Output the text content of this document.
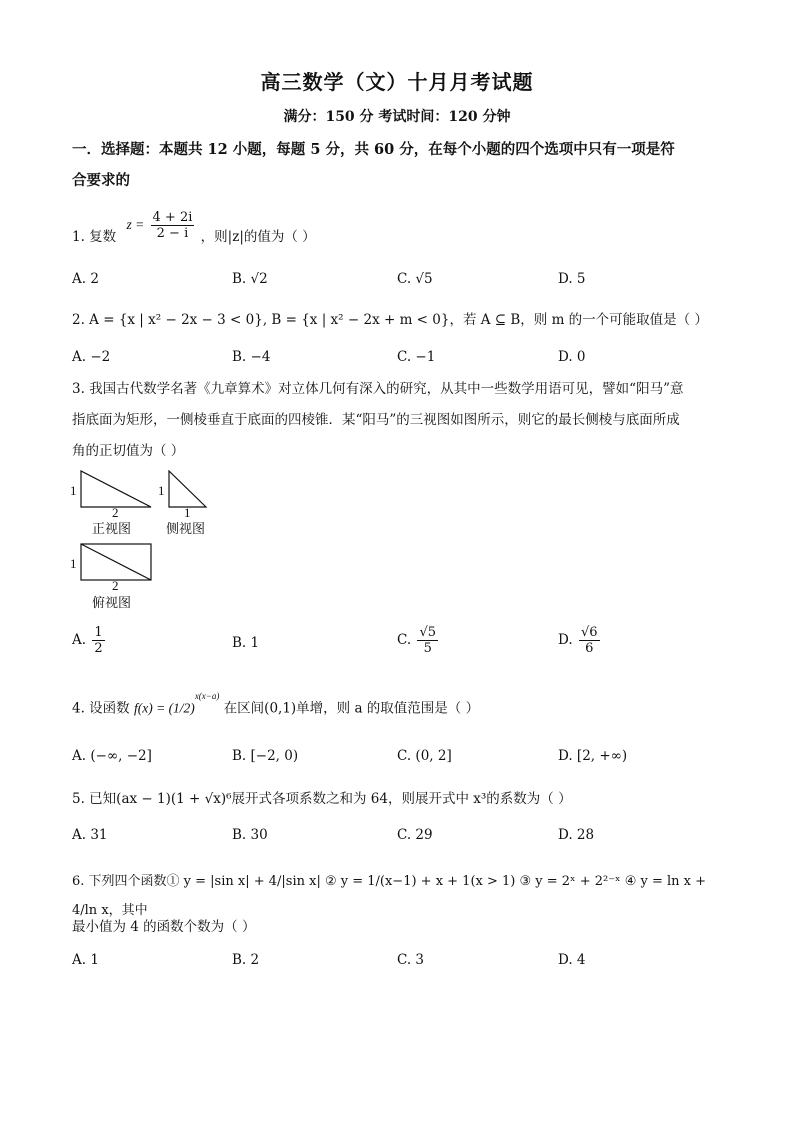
高三数学（文）十月月考试题
满分：150 分 考试时间：120 分钟
一．选择题：本题共 12 小题，每题 5 分，共 60 分，在每个小题的四个选项中只有一项是符
合要求的
1. 复数 $z = \frac{4 + 2i}{2 - i}$ ，则|z|的值为（ ）
A. 2	B. √2	C. √5	D. 5
2. A = {x | x² − 2x − 3 < 0}, B = {x | x² − 2x + m < 0}，若 A ⊆ B，则 m 的一个可能取值是（ ）
A. −2	B. −4	C. −1	D. 0
3. 我国古代数学名著《九章算术》对立体几何有深入的研究，从其中一些数学用语可见，譬如“阳马”意
指底面为矩形，一侧棱垂直于底面的四棱锥．某“阳马”的三视图如图所示，则它的最长侧棱与底面所成
角的正切值为（ ）
1
2
正视图
1
1
侧视图
1
2
俯视图
A. $\frac{1}{2}$	B. 1	C. $\frac{√5}{5}$	D. $\frac{√6}{6}$
4. 设函数 $f(x) = (1/2)^{x(x-a)}$ 在区间(0,1)单增，则 a 的取值范围是（ ）
A. (−∞, −2]	B. [−2, 0)	C. (0, 2]	D. [2, +∞)
5. 已知(ax − 1)(1 + √x)⁶展开式各项系数之和为 64，则展开式中 x³的系数为（ ）
A. 31	B. 30	C. 29	D. 28
6. 下列四个函数① y = |sin x| + 4/|sin x| ② y = 1/(x−1) + x + 1(x > 1) ③ y = 2ˣ + 2²⁻ˣ ④ y = ln x + 4/ln x，其中
最小值为 4 的函数个数为（ ）
A. 1	B. 2	C. 3	D. 4
